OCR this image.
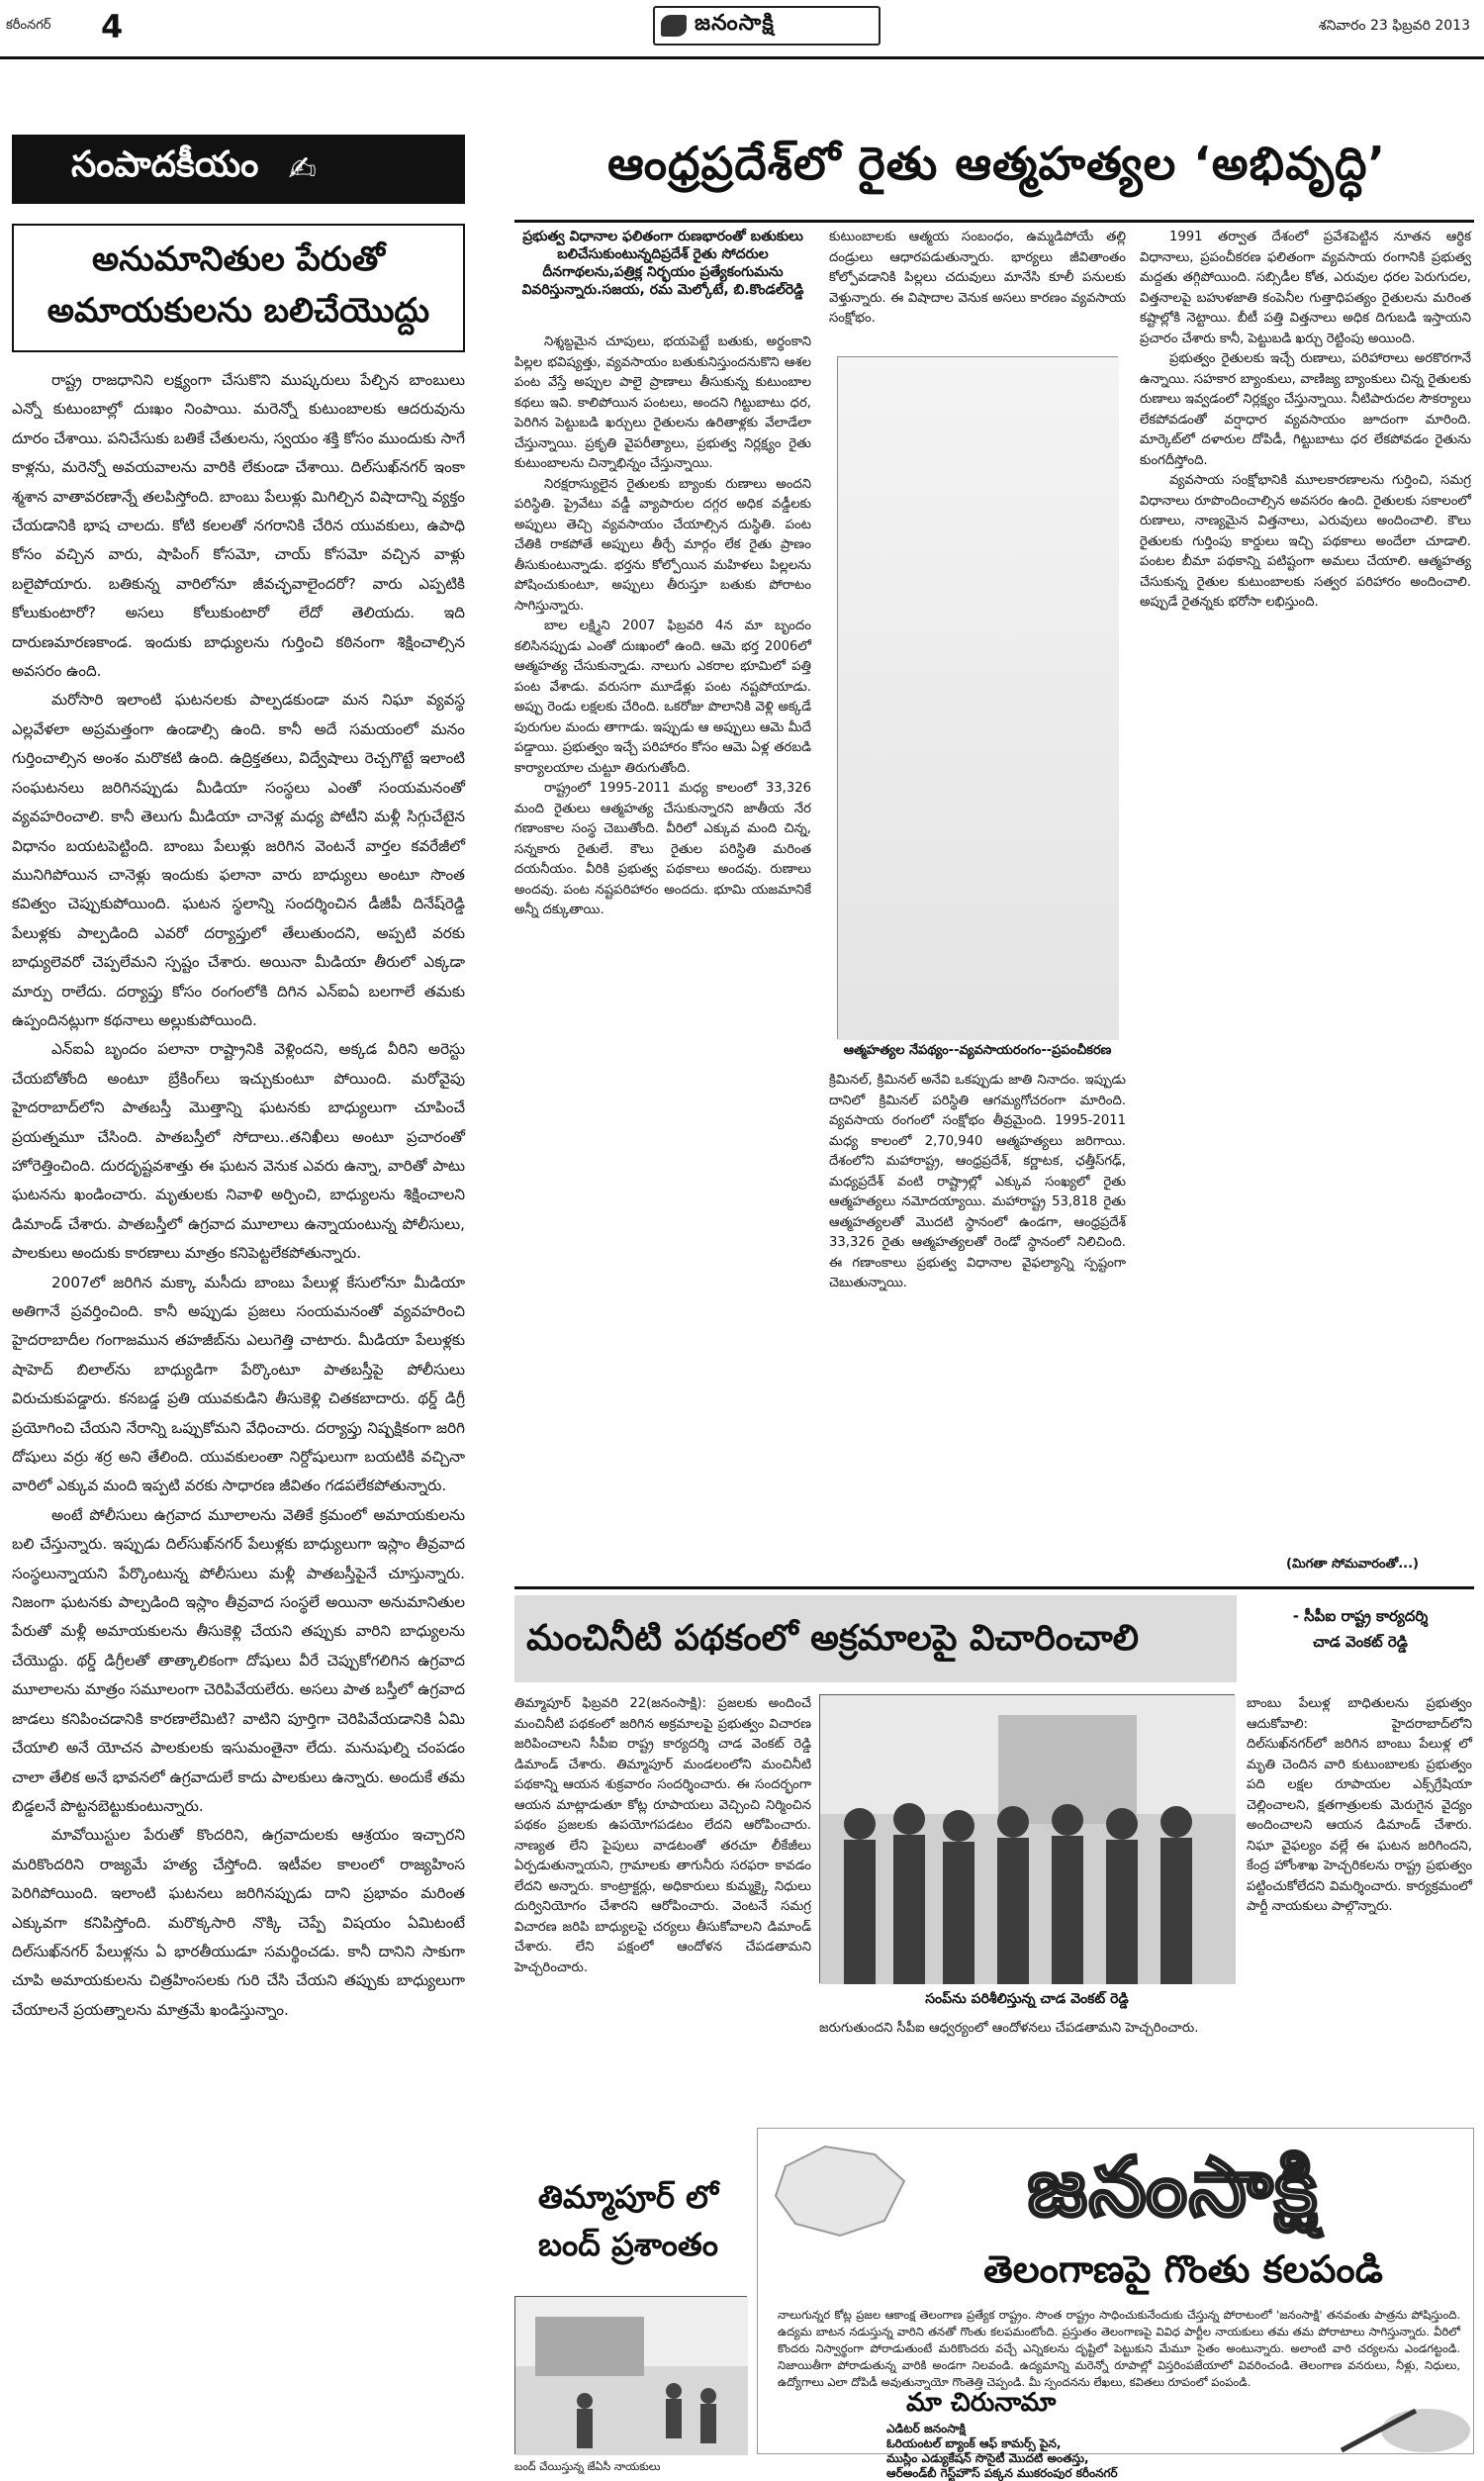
కరీంనగర్ 4	జనంసాక్షి	శనివారం 23 ఫిబ్రవరి 2013
సంపాదకీయం ✍
అనుమానితుల పేరుతో అమాయకులను బలిచేయొద్దు

రాష్ట్ర రాజధానిని లక్ష్యంగా చేసుకొని ముష్కరులు పేల్చిన బాంబులు ఎన్నో కుటుంబాల్లో దుఃఖం నింపాయి. మరెన్నో కుటుంబాలకు ఆదరువును దూరం చేశాయి. పనిచేసుకు బతికే చేతులను, స్వయం శక్తి కోసం ముందుకు సాగే కాళ్లను, మరెన్నో అవయవాలను వారికి లేకుండా చేశాయి. దిల్‌సుఖ్‌నగర్ ఇంకా శ్మశాన వాతావరణాన్నే తలపిస్తోంది. బాంబు పేలుళ్లు మిగిల్చిన విషాదాన్ని వ్యక్తం చేయడానికి భాష చాలదు. కోటి కలలతో నగరానికి చేరిన యువకులు, ఉపాధి కోసం వచ్చిన వారు, షాపింగ్ కోసమో, చాయ్ కోసమో వచ్చిన వాళ్లు బలైపోయారు. బతికున్న వారిలోనూ జీవచ్ఛవాలైందరో? వారు ఎప్పటికి కోలుకుంటారో? అసలు కోలుకుంటారో లేదో తెలియదు. ఇది దారుణమారణకాండ. ఇందుకు బాధ్యులను గుర్తించి కఠినంగా శిక్షించాల్సిన అవసరం ఉంది.

మరోసారి ఇలాంటి ఘటనలకు పాల్పడకుండా మన నిఘా వ్యవస్థ ఎల్లవేళలా అప్రమత్తంగా ఉండాల్సి ఉంది. కానీ అదే సమయంలో మనం గుర్తించాల్సిన అంశం మరొకటి ఉంది. ఉద్రిక్తతలు, విద్వేషాలు రెచ్చగొట్టే ఇలాంటి సంఘటనలు జరిగినప్పుడు మీడియా సంస్థలు ఎంతో సంయమనంతో వ్యవహరించాలి. కానీ తెలుగు మీడియా చానెళ్ల మధ్య పోటీని మళ్లీ సిగ్గుచేటైన విధానం బయటపెట్టింది. బాంబు పేలుళ్లు జరిగిన వెంటనే వార్తల కవరేజీలో మునిగిపోయిన చానెళ్లు ఇందుకు ఫలానా వారు బాధ్యులు అంటూ సొంత కవిత్వం చెప్పుకుపోయింది. ఘటన స్థలాన్ని సందర్శించిన డీజీపీ దినేష్‌రెడ్డి పేలుళ్లకు పాల్పడింది ఎవరో దర్యాప్తులో తేలుతుందని, అప్పటి వరకు బాధ్యులెవరో చెప్పలేమని స్పష్టం చేశారు. అయినా మీడియా తీరులో ఎక్కడా మార్పు రాలేదు. దర్యాప్తు కోసం రంగంలోకి దిగిన ఎన్ఐఏ బలగాలే తమకు ఉప్పందినట్లుగా కథనాలు అల్లుకుపోయింది.

ఎన్ఐఏ బృందం పలానా రాష్ట్రానికి వెళ్లిందని, అక్కడ వీరిని అరెస్టు చేయబోతోంది అంటూ బ్రేకింగ్‌లు ఇచ్చుకుంటూ పోయింది. మరోవైపు హైదరాబాద్‌లోని పాతబస్తీ మొత్తాన్ని ఘటనకు బాధ్యులుగా చూపించే ప్రయత్నమూ చేసింది. పాతబస్తీలో సోదాలు..తనిఖీలు అంటూ ప్రచారంతో హోరెత్తించింది. దురదృష్టవశాత్తు ఈ ఘటన వెనుక ఎవరు ఉన్నా, వారితో పాటు ఘటనను ఖండించారు. మృతులకు నివాళి అర్పించి, బాధ్యులను శిక్షించాలని డిమాండ్ చేశారు. పాతబస్తీలో ఉగ్రవాద మూలాలు ఉన్నాయంటున్న పోలీసులు, పాలకులు అందుకు కారణాలు మాత్రం కనిపెట్టలేకపోతున్నారు.

2007లో జరిగిన మక్కా మసీదు బాంబు పేలుళ్ల కేసులోనూ మీడియా అతిగానే ప్రవర్తించింది. కానీ అప్పుడు ప్రజలు సంయమనంతో వ్యవహరించి హైదరాబాదీల గంగాజమున తహజీబ్‌ను ఎలుగెత్తి చాటారు. మీడియా పేలుళ్లకు షాహెద్ బిలాల్‌ను బాధ్యుడిగా పేర్కొంటూ పాతబస్తీపై పోలీసులు విరుచుకుపడ్డారు. కనబడ్డ ప్రతి యువకుడిని తీసుకెళ్లి చితకబాదారు. థర్డ్ డిగ్రీ ప్రయోగించి చేయని నేరాన్ని ఒప్పుకోమని వేధించారు. దర్యాప్తు నిష్పక్షికంగా జరిగి దోషులు వర్రు శర్ర అని తేలింది. యువకులంతా నిర్దోషులుగా బయటికి వచ్చినా వారిలో ఎక్కువ మంది ఇప్పటి వరకు సాధారణ జీవితం గడపలేకపోతున్నారు.

అంటే పోలీసులు ఉగ్రవాద మూలాలను వెతికే క్రమంలో అమాయకులను బలి చేస్తున్నారు. ఇప్పుడు దిల్‌సుఖ్‌నగర్ పేలుళ్లకు బాధ్యులుగా ఇస్లాం తీవ్రవాద సంస్థలున్నాయని పేర్కొంటున్న పోలీసులు మళ్లీ పాతబస్తీపైనే చూస్తున్నారు. నిజంగా ఘటనకు పాల్పడింది ఇస్లాం తీవ్రవాద సంస్థలే అయినా అనుమానితుల పేరుతో మళ్లీ అమాయకులను తీసుకెళ్లి చేయని తప్పుకు వారిని బాధ్యులను చేయొద్దు. థర్డ్ డిగ్రీలతో తాత్కాలికంగా దోషులు వీరే చెప్పుకోగలిగిన ఉగ్రవాద మూలాలను మాత్రం సమూలంగా చెరిపివేయలేరు. అసలు పాత బస్తీలో ఉగ్రవాద జాడలు కనిపించడానికి కారణాలేమిటి? వాటిని పూర్తిగా చెరిపివేయడానికి ఏమి చేయాలి అనే యోచన పాలకులకు ఇసుమంతైనా లేదు. మనుషుల్ని చంపడం చాలా తేలిక అనే భావనలో ఉగ్రవాదులే కాదు పాలకులు ఉన్నారు. అందుకే తమ బిడ్డలనే పొట్టనబెట్టుకుంటున్నారు.

మావోయిస్టుల పేరుతో కొందరిని, ఉగ్రవాదులకు ఆశ్రయం ఇచ్చారని మరికొందరిని రాజ్యమే హత్య చేస్తోంది. ఇటీవల కాలంలో రాజ్యహింస పెరిగిపోయింది. ఇలాంటి ఘటనలు జరిగినప్పుడు దాని ప్రభావం మరింత ఎక్కువగా కనిపిస్తోంది. మరొక్కసారి నొక్కి చెప్పే విషయం ఏమిటంటే దిల్‌సుఖ్‌నగర్ పేలుళ్లను ఏ భారతీయుడూ సమర్థించడు. కానీ దానిని సాకుగా చూపి అమాయకులను చిత్రహింసలకు గురి చేసి చేయని తప్పుకు బాధ్యులుగా చేయాలనే ప్రయత్నాలను మాత్రమే ఖండిస్తున్నాం.

ఆంధ్రప్రదేశ్‌లో రైతు ఆత్మహత్యల ‘అభివృద్ధి’
ప్రభుత్వ విధానాల ఫలితంగా రుణభారంతో బతుకులు బలిచేసుకుంటున్నదిప్రదేశ్ రైతు సోదరుల దీనగాథలను,పత్రిక్ల నిర్భయం ప్రత్యేకంగుమను వివరిస్తున్నారు.సజయ, రమ మెల్కోటే, బి.కొండల్‌రెడ్డి

నిశ్శబ్దమైన చూపులు, భయపెట్టే బతుకు, అర్థంకాని పిల్లల భవిష్యత్తు, వ్యవసాయం బతుకునిస్తుందనుకొని ఆశల పంట వేస్తే అప్పుల పాలై ప్రాణాలు తీసుకున్న కుటుంబాల కథలు ఇవి. కాలిపోయిన పంటలు, అందని గిట్టుబాటు ధర, పెరిగిన పెట్టుబడి ఖర్చులు రైతులను ఉరితాళ్లకు వేలాడేలా చేస్తున్నాయి. ప్రకృతి వైపరీత్యాలు, ప్రభుత్వ నిర్లక్ష్యం రైతు కుటుంబాలను చిన్నాభిన్నం చేస్తున్నాయి.

నిరక్షరాస్యులైన రైతులకు బ్యాంకు రుణాలు అందని పరిస్థితి. ప్రైవేటు వడ్డీ వ్యాపారుల దగ్గర అధిక వడ్డీలకు అప్పులు తెచ్చి వ్యవసాయం చేయాల్సిన దుస్థితి. పంట చేతికి రాకపోతే అప్పులు తీర్చే మార్గం లేక రైతు ప్రాణం తీసుకుంటున్నాడు. భర్తను కోల్పోయిన మహిళలు పిల్లలను పోషించుకుంటూ, అప్పులు తీరుస్తూ బతుకు పోరాటం సాగిస్తున్నారు.

బాల లక్ష్మిని 2007 ఫిబ్రవరి 4న మా బృందం కలిసినప్పుడు ఎంతో దుఃఖంలో ఉంది. ఆమె భర్త 2006లో ఆత్మహత్య చేసుకున్నాడు. నాలుగు ఎకరాల భూమిలో పత్తి పంట వేశాడు. వరుసగా మూడేళ్లు పంట నష్టపోయాడు. అప్పు రెండు లక్షలకు చేరింది. ఒకరోజు పొలానికి వెళ్లి అక్కడే పురుగుల మందు తాగాడు. ఇప్పుడు ఆ అప్పులు ఆమె మీదే పడ్డాయి. ప్రభుత్వం ఇచ్చే పరిహారం కోసం ఆమె ఏళ్ల తరబడి కార్యాలయాల చుట్టూ తిరుగుతోంది.

రాష్ట్రంలో 1995-2011 మధ్య కాలంలో 33,326 మంది రైతులు ఆత్మహత్య చేసుకున్నారని జాతీయ నేర గణాంకాల సంస్థ చెబుతోంది. వీరిలో ఎక్కువ మంది చిన్న, సన్నకారు రైతులే. కౌలు రైతుల పరిస్థితి మరింత దయనీయం. వీరికి ప్రభుత్వ పథకాలు అందవు. రుణాలు అందవు. పంట నష్టపరిహారం అందదు. భూమి యజమానికే అన్నీ దక్కుతాయి.

కుటుంబాలకు ఆత్మయ సంబంధం, ఉమ్మడిపోయే తల్లి దండ్రులు ఆధారపడుతున్నారు. భార్యలు జీవితాంతం కోల్పోవడానికి పిల్లలు చదువులు మానేసి కూలీ పనులకు వెళ్తున్నారు. ఈ విషాదాల వెనుక అసలు కారణం వ్యవసాయ సంక్షోభం.
ఆత్మహత్యల నేపథ్యం--వ్యవసాయరంగం--ప్రపంచీకరణ
క్రిమినల్, క్రిమినల్ అనేవి ఒకప్పుడు జాతి నినాదం. ఇప్పుడు దానిలో క్రిమినల్ పరిస్థితి ఆగమ్యగోచరంగా మారింది. వ్యవసాయ రంగంలో సంక్షోభం తీవ్రమైంది. 1995-2011 మధ్య కాలంలో 2,70,940 ఆత్మహత్యలు జరిగాయి. దేశంలోని మహారాష్ట్ర, ఆంధ్రప్రదేశ్, కర్ణాటక, ఛత్తీస్‌గఢ్, మధ్యప్రదేశ్ వంటి రాష్ట్రాల్లో ఎక్కువ సంఖ్యలో రైతు ఆత్మహత్యలు నమోదయ్యాయి. మహారాష్ట్ర 53,818 రైతు ఆత్మహత్యలతో మొదటి స్థానంలో ఉండగా, ఆంధ్రప్రదేశ్ 33,326 రైతు ఆత్మహత్యలతో రెండో స్థానంలో నిలిచింది. ఈ గణాంకాలు ప్రభుత్వ విధానాల వైఫల్యాన్ని స్పష్టంగా చెబుతున్నాయి.

1991 తర్వాత దేశంలో ప్రవేశపెట్టిన నూతన ఆర్థిక విధానాలు, ప్రపంచీకరణ ఫలితంగా వ్యవసాయ రంగానికి ప్రభుత్వ మద్దతు తగ్గిపోయింది. సబ్సిడీల కోత, ఎరువుల ధరల పెరుగుదల, విత్తనాలపై బహుళజాతి కంపెనీల గుత్తాధిపత్యం రైతులను మరింత కష్టాల్లోకి నెట్టాయి. బీటీ పత్తి విత్తనాలు అధిక దిగుబడి ఇస్తాయని ప్రచారం చేశారు కానీ, పెట్టుబడి ఖర్చు రెట్టింపు అయింది.

ప్రభుత్వం రైతులకు ఇచ్చే రుణాలు, పరిహారాలు అరకొరగానే ఉన్నాయి. సహకార బ్యాంకులు, వాణిజ్య బ్యాంకులు చిన్న రైతులకు రుణాలు ఇవ్వడంలో నిర్లక్ష్యం చేస్తున్నాయి. నీటిపారుదల సౌకర్యాలు లేకపోవడంతో వర్షాధార వ్యవసాయం జూదంగా మారింది. మార్కెట్‌లో దళారుల దోపిడీ, గిట్టుబాటు ధర లేకపోవడం రైతును కుంగదీస్తోంది.

వ్యవసాయ సంక్షోభానికి మూలకారణాలను గుర్తించి, సమగ్ర విధానాలు రూపొందించాల్సిన అవసరం ఉంది. రైతులకు సకాలంలో రుణాలు, నాణ్యమైన విత్తనాలు, ఎరువులు అందించాలి. కౌలు రైతులకు గుర్తింపు కార్డులు ఇచ్చి పథకాలు అందేలా చూడాలి. పంటల బీమా పథకాన్ని పటిష్టంగా అమలు చేయాలి. ఆత్మహత్య చేసుకున్న రైతుల కుటుంబాలకు సత్వర పరిహారం అందించాలి. అప్పుడే రైతన్నకు భరోసా లభిస్తుంది.

(మిగతా సోమవారంతో...)
మంచినీటి పథకంలో అక్రమాలపై విచారించాలి
- సీపీఐ రాష్ట్ర కార్యదర్శి
చాడ వెంకట్ రెడ్డి
తిమ్మాపూర్ ఫిబ్రవరి 22(జనంసాక్షి): ప్రజలకు అందించే మంచినీటి పథకంలో జరిగిన అక్రమాలపై ప్రభుత్వం విచారణ జరిపించాలని సీపీఐ రాష్ట్ర కార్యదర్శి చాడ వెంకట్ రెడ్డి డిమాండ్ చేశారు. తిమ్మాపూర్ మండలంలోని మంచినీటి పథకాన్ని ఆయన శుక్రవారం సందర్శించారు. ఈ సందర్భంగా ఆయన మాట్లాడుతూ కోట్ల రూపాయలు వెచ్చించి నిర్మించిన పథకం ప్రజలకు ఉపయోగపడటం లేదని ఆరోపించారు. నాణ్యత లేని పైపులు వాడటంతో తరచూ లీకేజీలు ఏర్పడుతున్నాయని, గ్రామాలకు తాగునీరు సరఫరా కావడం లేదని అన్నారు. కాంట్రాక్టర్లు, అధికారులు కుమ్మక్కై నిధులు దుర్వినియోగం చేశారని ఆరోపించారు. వెంటనే సమగ్ర విచారణ జరిపి బాధ్యులపై చర్యలు తీసుకోవాలని డిమాండ్ చేశారు. లేని పక్షంలో ఆందోళన చేపడతామని హెచ్చరించారు.
సంప్‌ను పరిశీలిస్తున్న చాడ వెంకట్ రెడ్డి
బాంబు పేలుళ్ల బాధితులను ప్రభుత్వం ఆదుకోవాలి: హైదరాబాద్‌లోని దిల్‌సుఖ్‌నగర్‌లో జరిగిన బాంబు పేలుళ్ల లో మృతి చెందిన వారి కుటుంబాలకు ప్రభుత్వం పది లక్షల రూపాయల ఎక్స్‌గ్రేషియా చెల్లించాలని, క్షతగాత్రులకు మెరుగైన వైద్యం అందించాలని ఆయన డిమాండ్ చేశారు. నిఘా వైఫల్యం వల్లే ఈ ఘటన జరిగిందని, కేంద్ర హోంశాఖ హెచ్చరికలను రాష్ట్ర ప్రభుత్వం పట్టించుకోలేదని విమర్శించారు. కార్యక్రమంలో పార్టీ నాయకులు పాల్గొన్నారు.
జరుగుతుందని సీపీఐ ఆధ్వర్యంలో ఆందోళనలు చేపడతామని హెచ్చరించారు.
తిమ్మాపూర్ లో బంద్ ప్రశాంతం
బంద్ చేయిస్తున్న జేఏసీ నాయకులు
జనంసాక్షి
తెలంగాణపై గొంతు కలపండి
నాలుగున్నర కోట్ల ప్రజల ఆకాంక్ష తెలంగాణ ప్రత్యేక రాష్ట్రం. సొంత రాష్ట్రం సాధించుకునేందుకు చేస్తున్న పోరాటంలో 'జనంసాక్షి' తనవంతు పాత్రను పోషిస్తుంది. ఉద్యమ బాటన నడుస్తున్న వారిని తనతో గొంతు కలపమంటోంది. ప్రస్తుతం తెలంగాణపై వివిధ పార్టీల నాయకులు తమ తమ పోరాటాలు సాగిస్తున్నారు. వీరిలో కొందరు నిస్వార్థంగా పోరాడుతుంటే మరికొందరు వచ్చే ఎన్నికలను దృష్టిలో పెట్టుకుని మేమూ సైతం అంటున్నారు. అలాంటి వారి చర్యలను ఎండగట్టండి. నిజాయితీగా పోరాడుతున్న వారికి అండగా నిలవండి. ఉద్యమాన్ని మరెన్నో రూపాల్లో విస్తరింపజేయాలో వివరించండి. తెలంగాణ వనరులు, నీళ్లు, నిధులు, ఉద్యోగాలు ఎలా దోపిడీ అవుతున్నాయో గొంతెత్తి చెప్పండి. మీ స్పందనను లేఖలు, కవితలు రూపంలో పంపండి.
మా చిరునామా
ఎడిటర్ జనంసాక్షి
ఓరియంటల్ బ్యాంక్ ఆఫ్ కామర్స్ పైన,
ముస్లిం ఎడ్యుకేషన్ సొసైటీ మొదటి అంతస్తు,
ఆర్‌అండ్‌బీ గెస్ట్‌హౌస్ పక్కన ముకరంపుర కరీంనగర్
